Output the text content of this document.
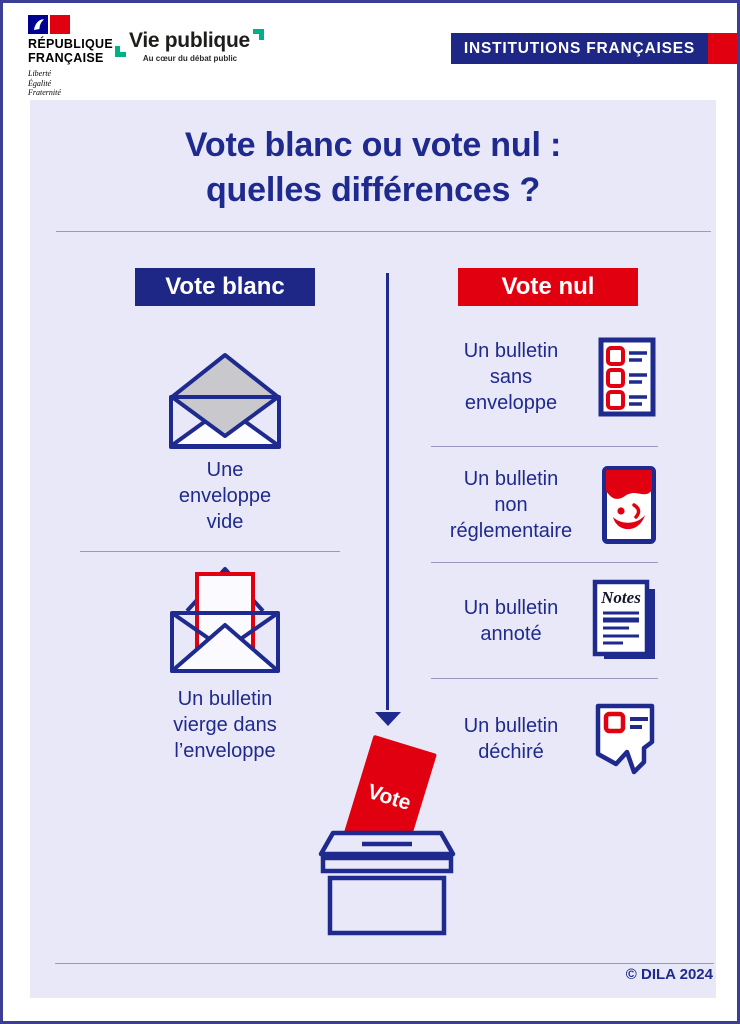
RÉPUBLIQUE
FRANÇAISE
Liberté
Égalité
Fraternité
Vie publique
Au cœur du débat public
INSTITUTIONS FRANÇAISES
Vote blanc ou vote nul :
quelles différences ?
Vote blanc	Vote nul
Une
enveloppe
vide
Un bulletin
vierge dans
l’enveloppe
Un bulletin
sans
enveloppe
Un bulletin
non
réglementaire
Un bulletin
annoté
Notes
Un bulletin
déchiré
Vote
© DILA 2024
